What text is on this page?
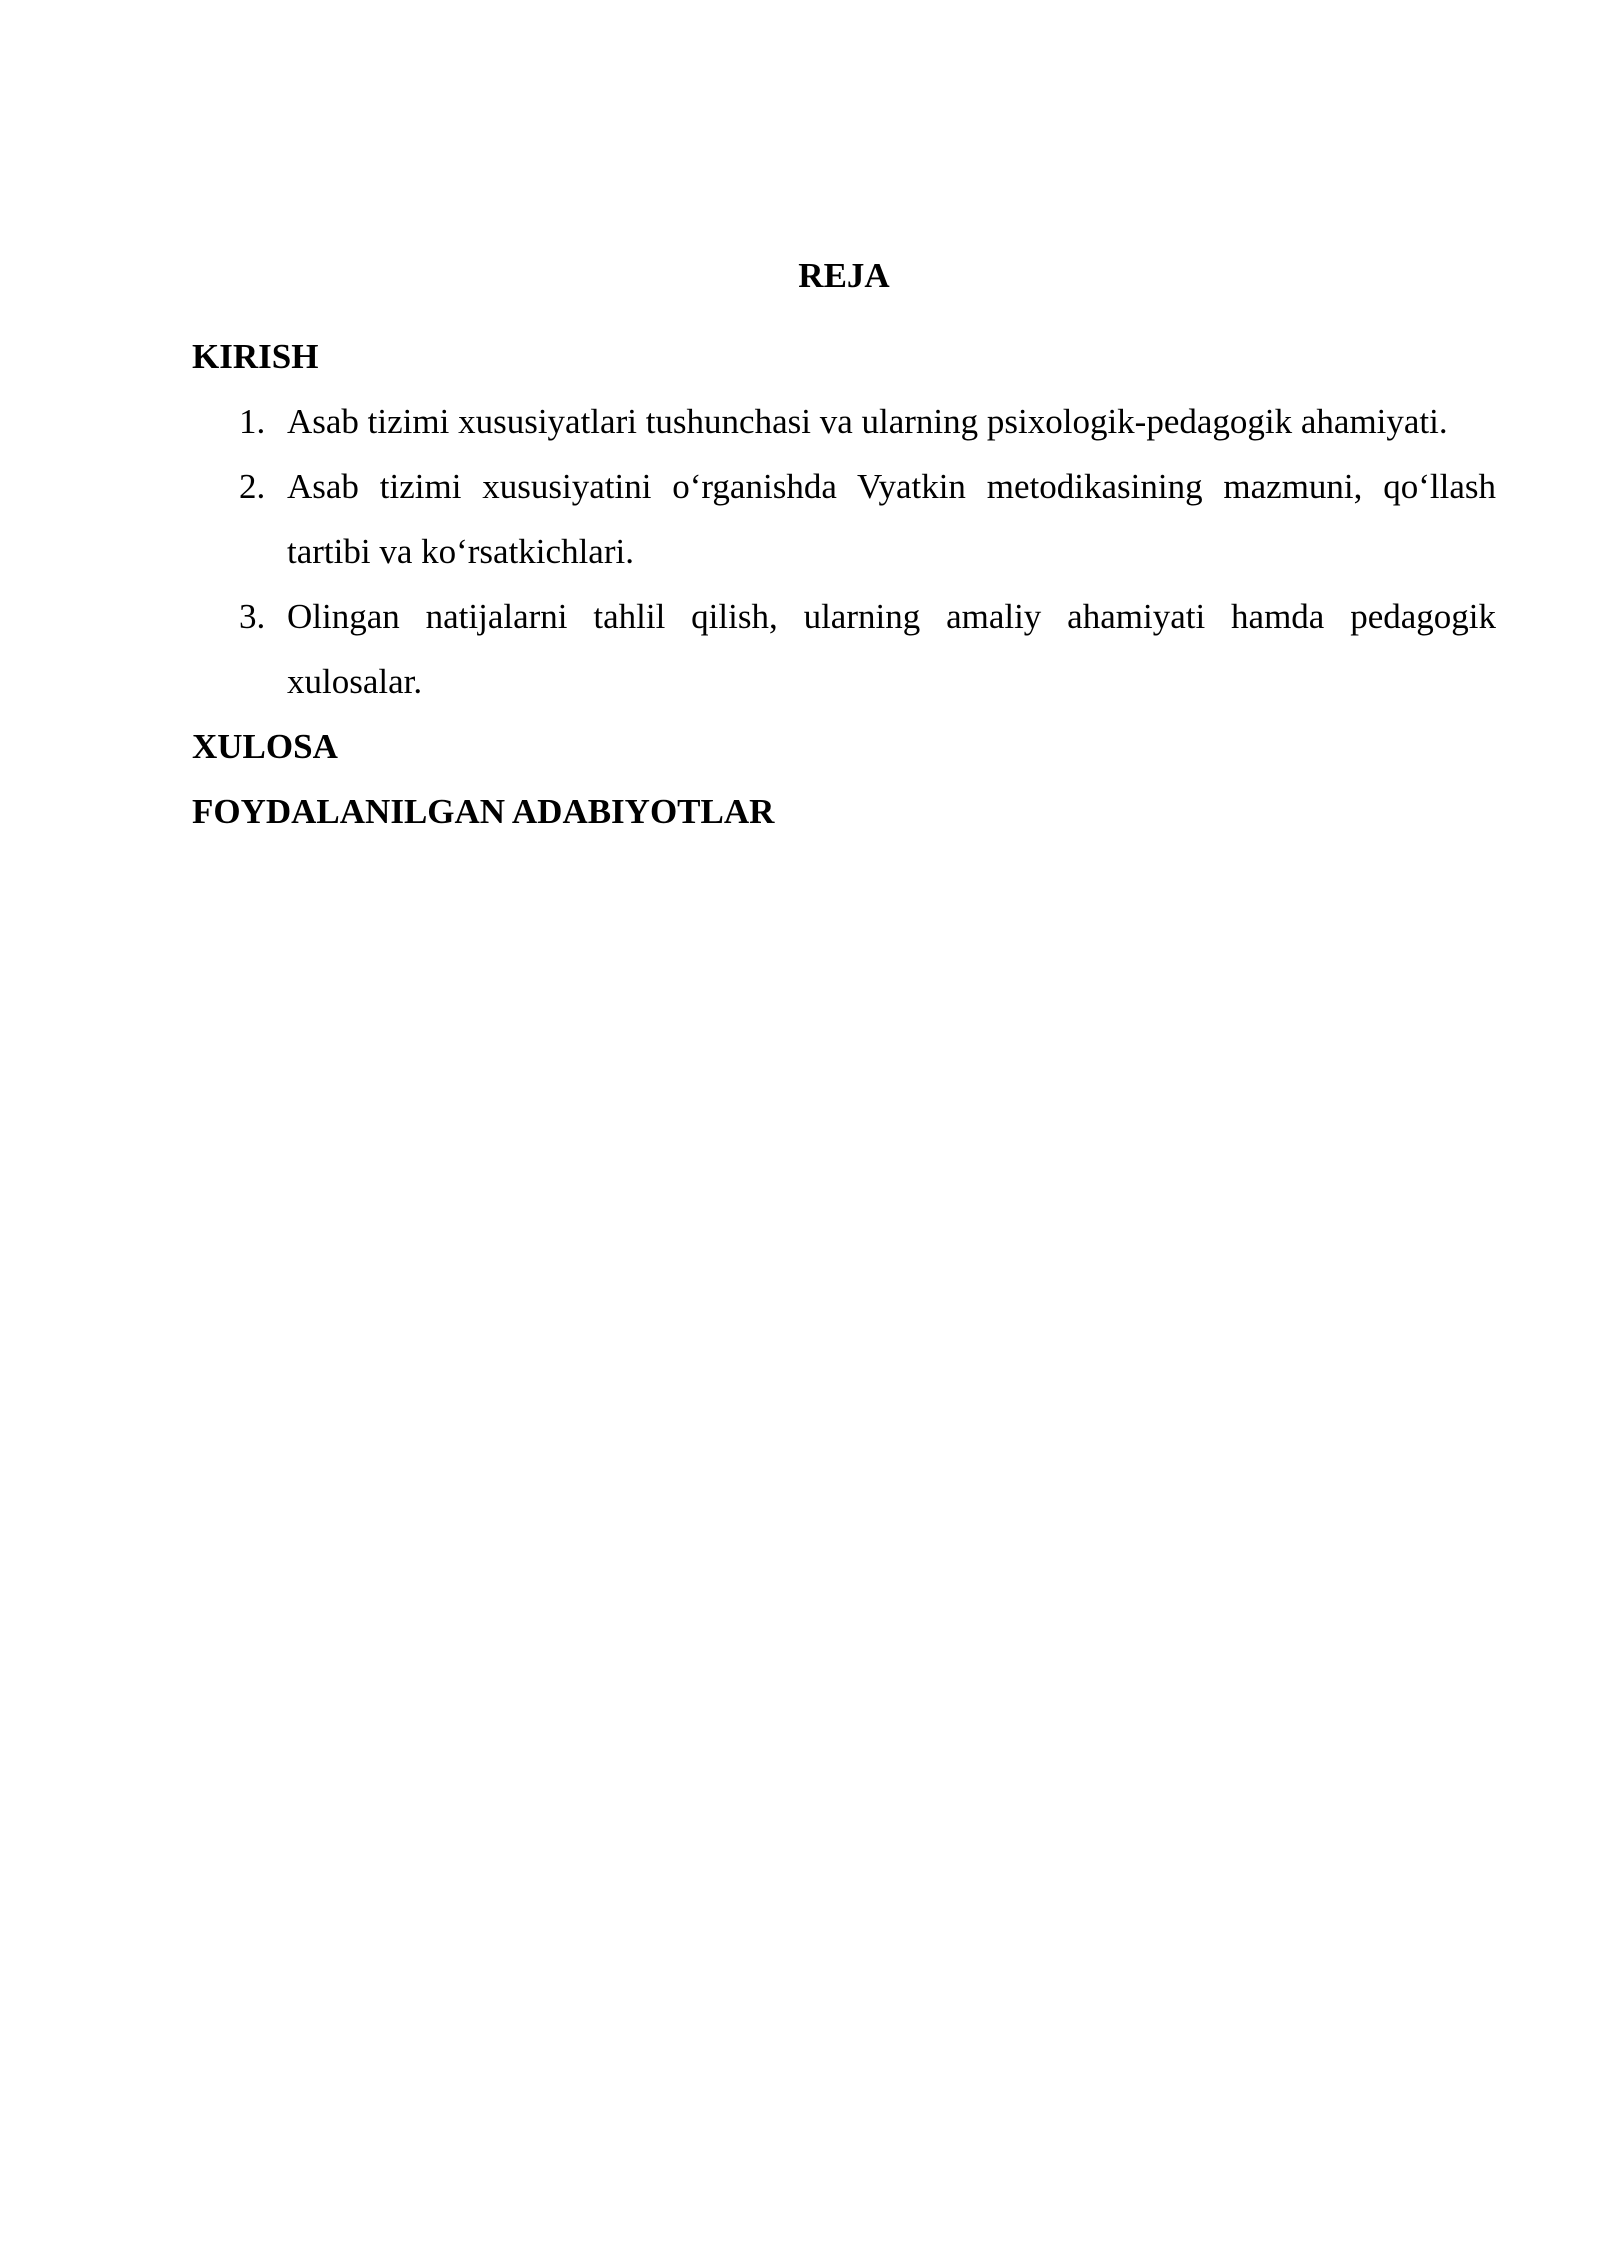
REJA
KIRISH
1. Asab tizimi xususiyatlari tushunchasi va ularning psixologik-pedagogik ahamiyati.
2. Asab tizimi xususiyatini o‘rganishda Vyatkin metodikasining mazmuni, qo‘llash tartibi va ko‘rsatkichlari.
3. Olingan natijalarni tahlil qilish, ularning amaliy ahamiyati hamda pedagogik xulosalar.
XULOSA
FOYDALANILGAN ADABIYOTLAR
